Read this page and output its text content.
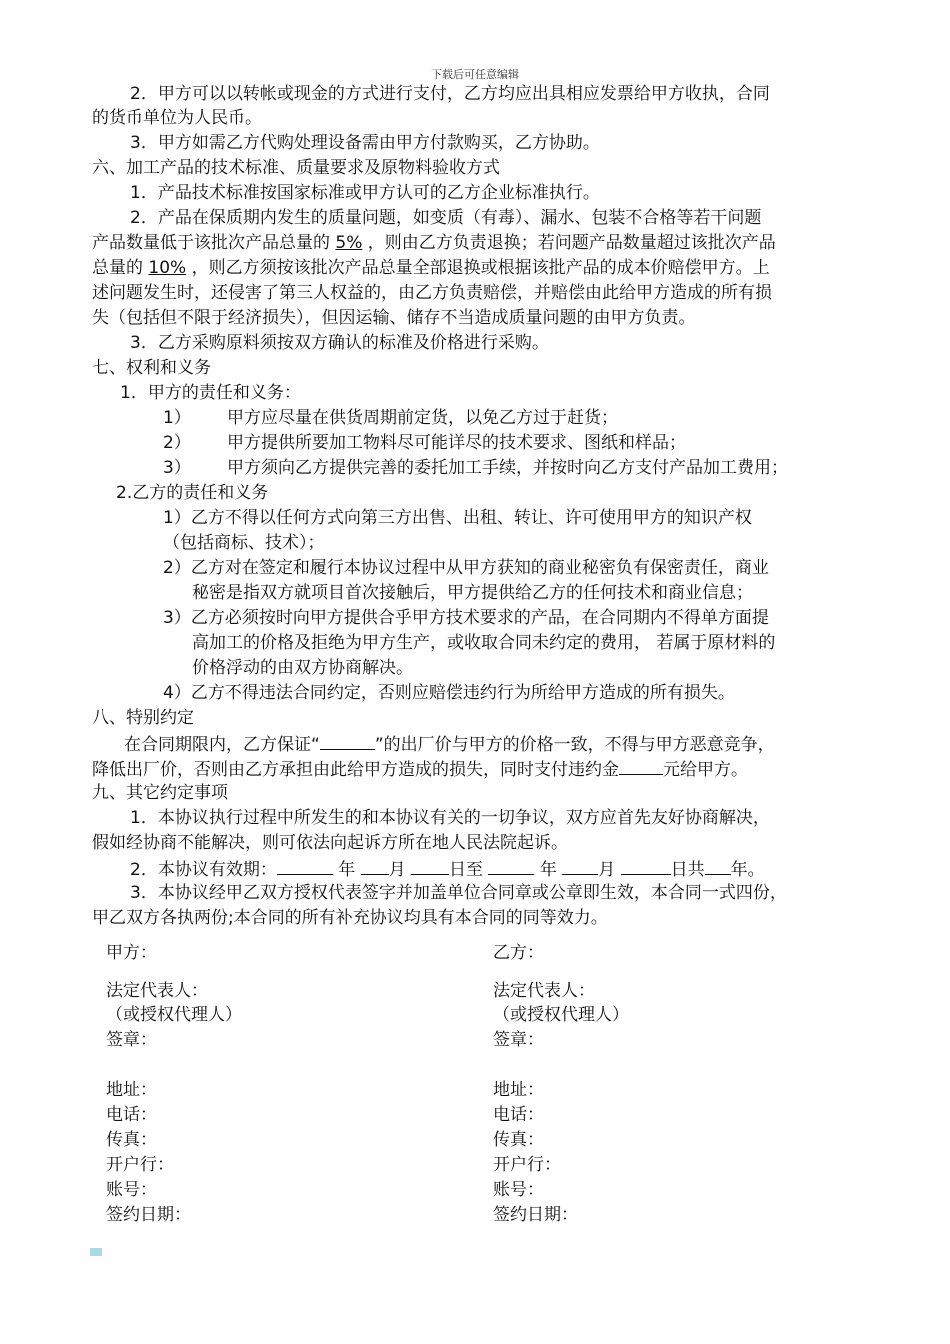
下载后可任意编辑
2．甲方可以以转帐或现金的方式进行支付，乙方均应出具相应发票给甲方收执，合同
的货币单位为人民币。
3．甲方如需乙方代购处理设备需由甲方付款购买，乙方协助。
六、加工产品的技术标准、质量要求及原物料验收方式
1．产品技术标准按国家标准或甲方认可的乙方企业标准执行。
2．产品在保质期内发生的质量问题，如变质（有毒）、漏水、包装不合格等若干问题
产品数量低于该批次产品总量的 5% ，则由乙方负责退换；若问题产品数量超过该批次产品
总量的 10% ，则乙方须按该批次产品总量全部退换或根据该批产品的成本价赔偿甲方。上
述问题发生时，还侵害了第三人权益的，由乙方负责赔偿，并赔偿由此给甲方造成的所有损
失（包括但不限于经济损失），但因运输、储存不当造成质量问题的由甲方负责。
3．乙方采购原料须按双方确认的标准及价格进行采购。
七、权利和义务
1．甲方的责任和义务：
1） 甲方应尽量在供货周期前定货，以免乙方过于赶货；
2） 甲方提供所要加工物料尽可能详尽的技术要求、图纸和样品；
3） 甲方须向乙方提供完善的委托加工手续，并按时向乙方支付产品加工费用；
2.乙方的责任和义务
1）乙方不得以任何方式向第三方出售、出租、转让、许可使用甲方的知识产权
（包括商标、技术）；
2）乙方对在签定和履行本协议过程中从甲方获知的商业秘密负有保密责任，商业
秘密是指双方就项目首次接触后，甲方提供给乙方的任何技术和商业信息；
3）乙方必须按时向甲方提供合乎甲方技术要求的产品，在合同期内不得单方面提
高加工的价格及拒绝为甲方生产，或收取合同未约定的费用， 若属于原材料的
价格浮动的由双方协商解决。
4）乙方不得违法合同约定，否则应赔偿违约行为所给甲方造成的所有损失。
八、特别约定
在合同期限内，乙方保证“	”的出厂价与甲方的价格一致，不得与甲方恶意竞争，
降低出厂价，否则由乙方承担由此给甲方造成的损失，同时支付违约金	元给甲方。
九、其它约定事项
1．本协议执行过程中所发生的和本协议有关的一切争议，双方应首先友好协商解决，
假如经协商不能解决，则可依法向起诉方所在地人民法院起诉。
2．本协议有效期：	年 月	日至	年 月	日共 年。
3．本协议经甲乙双方授权代表签字并加盖单位合同章或公章即生效，本合同一式四份，
甲乙双方各执两份;本合同的所有补充协议均具有本合同的同等效力。
甲方：
法定代表人：
（或授权代理人）
签章：
地址：
电话：
传真：
开户行：
账号：
签约日期：
乙方：
法定代表人：
（或授权代理人）
签章：
地址：
电话：
传真：
开户行：
账号：
签约日期：
